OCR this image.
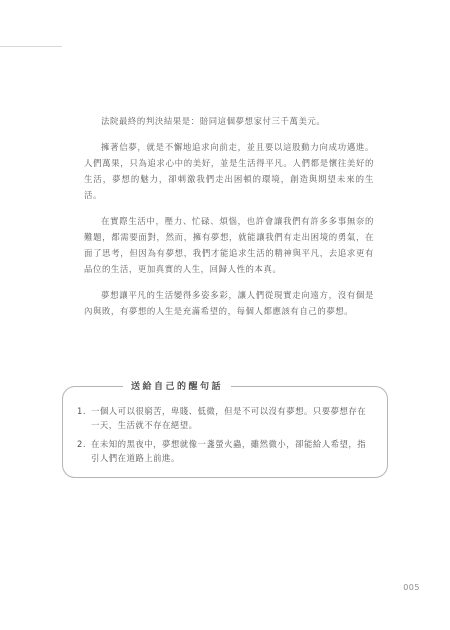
法院最終的判決結果是：賠同這個夢想家付三千萬美元。

擁著信夢，就是不懈地追求向前走，並且要以這股動力向成功邁進。人們萬果，只為追求心中的美好，並是生活得平凡。人們都是懷往美好的生活，夢想的魅力，卻刺激我們走出困頓的環境，創造與期望未來的生活。

在實際生活中，壓力、忙碌、煩惱，也許會讓我們有許多多事無奈的難題，都需要面對，然而，擁有夢想，就能讓我們有走出困境的勇氣，在面了思考，但因為有夢想，我們才能追求生活的精神與平凡，去追求更有品位的生活，更加真實的人生，回歸人性的本真。

夢想讓平凡的生活變得多姿多彩，讓人們從現實走向遠方，沒有個是內與敗，有夢想的人生是充滿希望的，每個人都應該有自己的夢想。

送給自己的醒句話
1. 一個人可以很窮苦，卑賤、低微，但是不可以沒有夢想。只要夢想存在一天，生活就不存在絕望。
2. 在未知的黑夜中，夢想就像一盞螢火蟲，雖然微小，卻能給人希望，指引人們在道路上前進。
005
